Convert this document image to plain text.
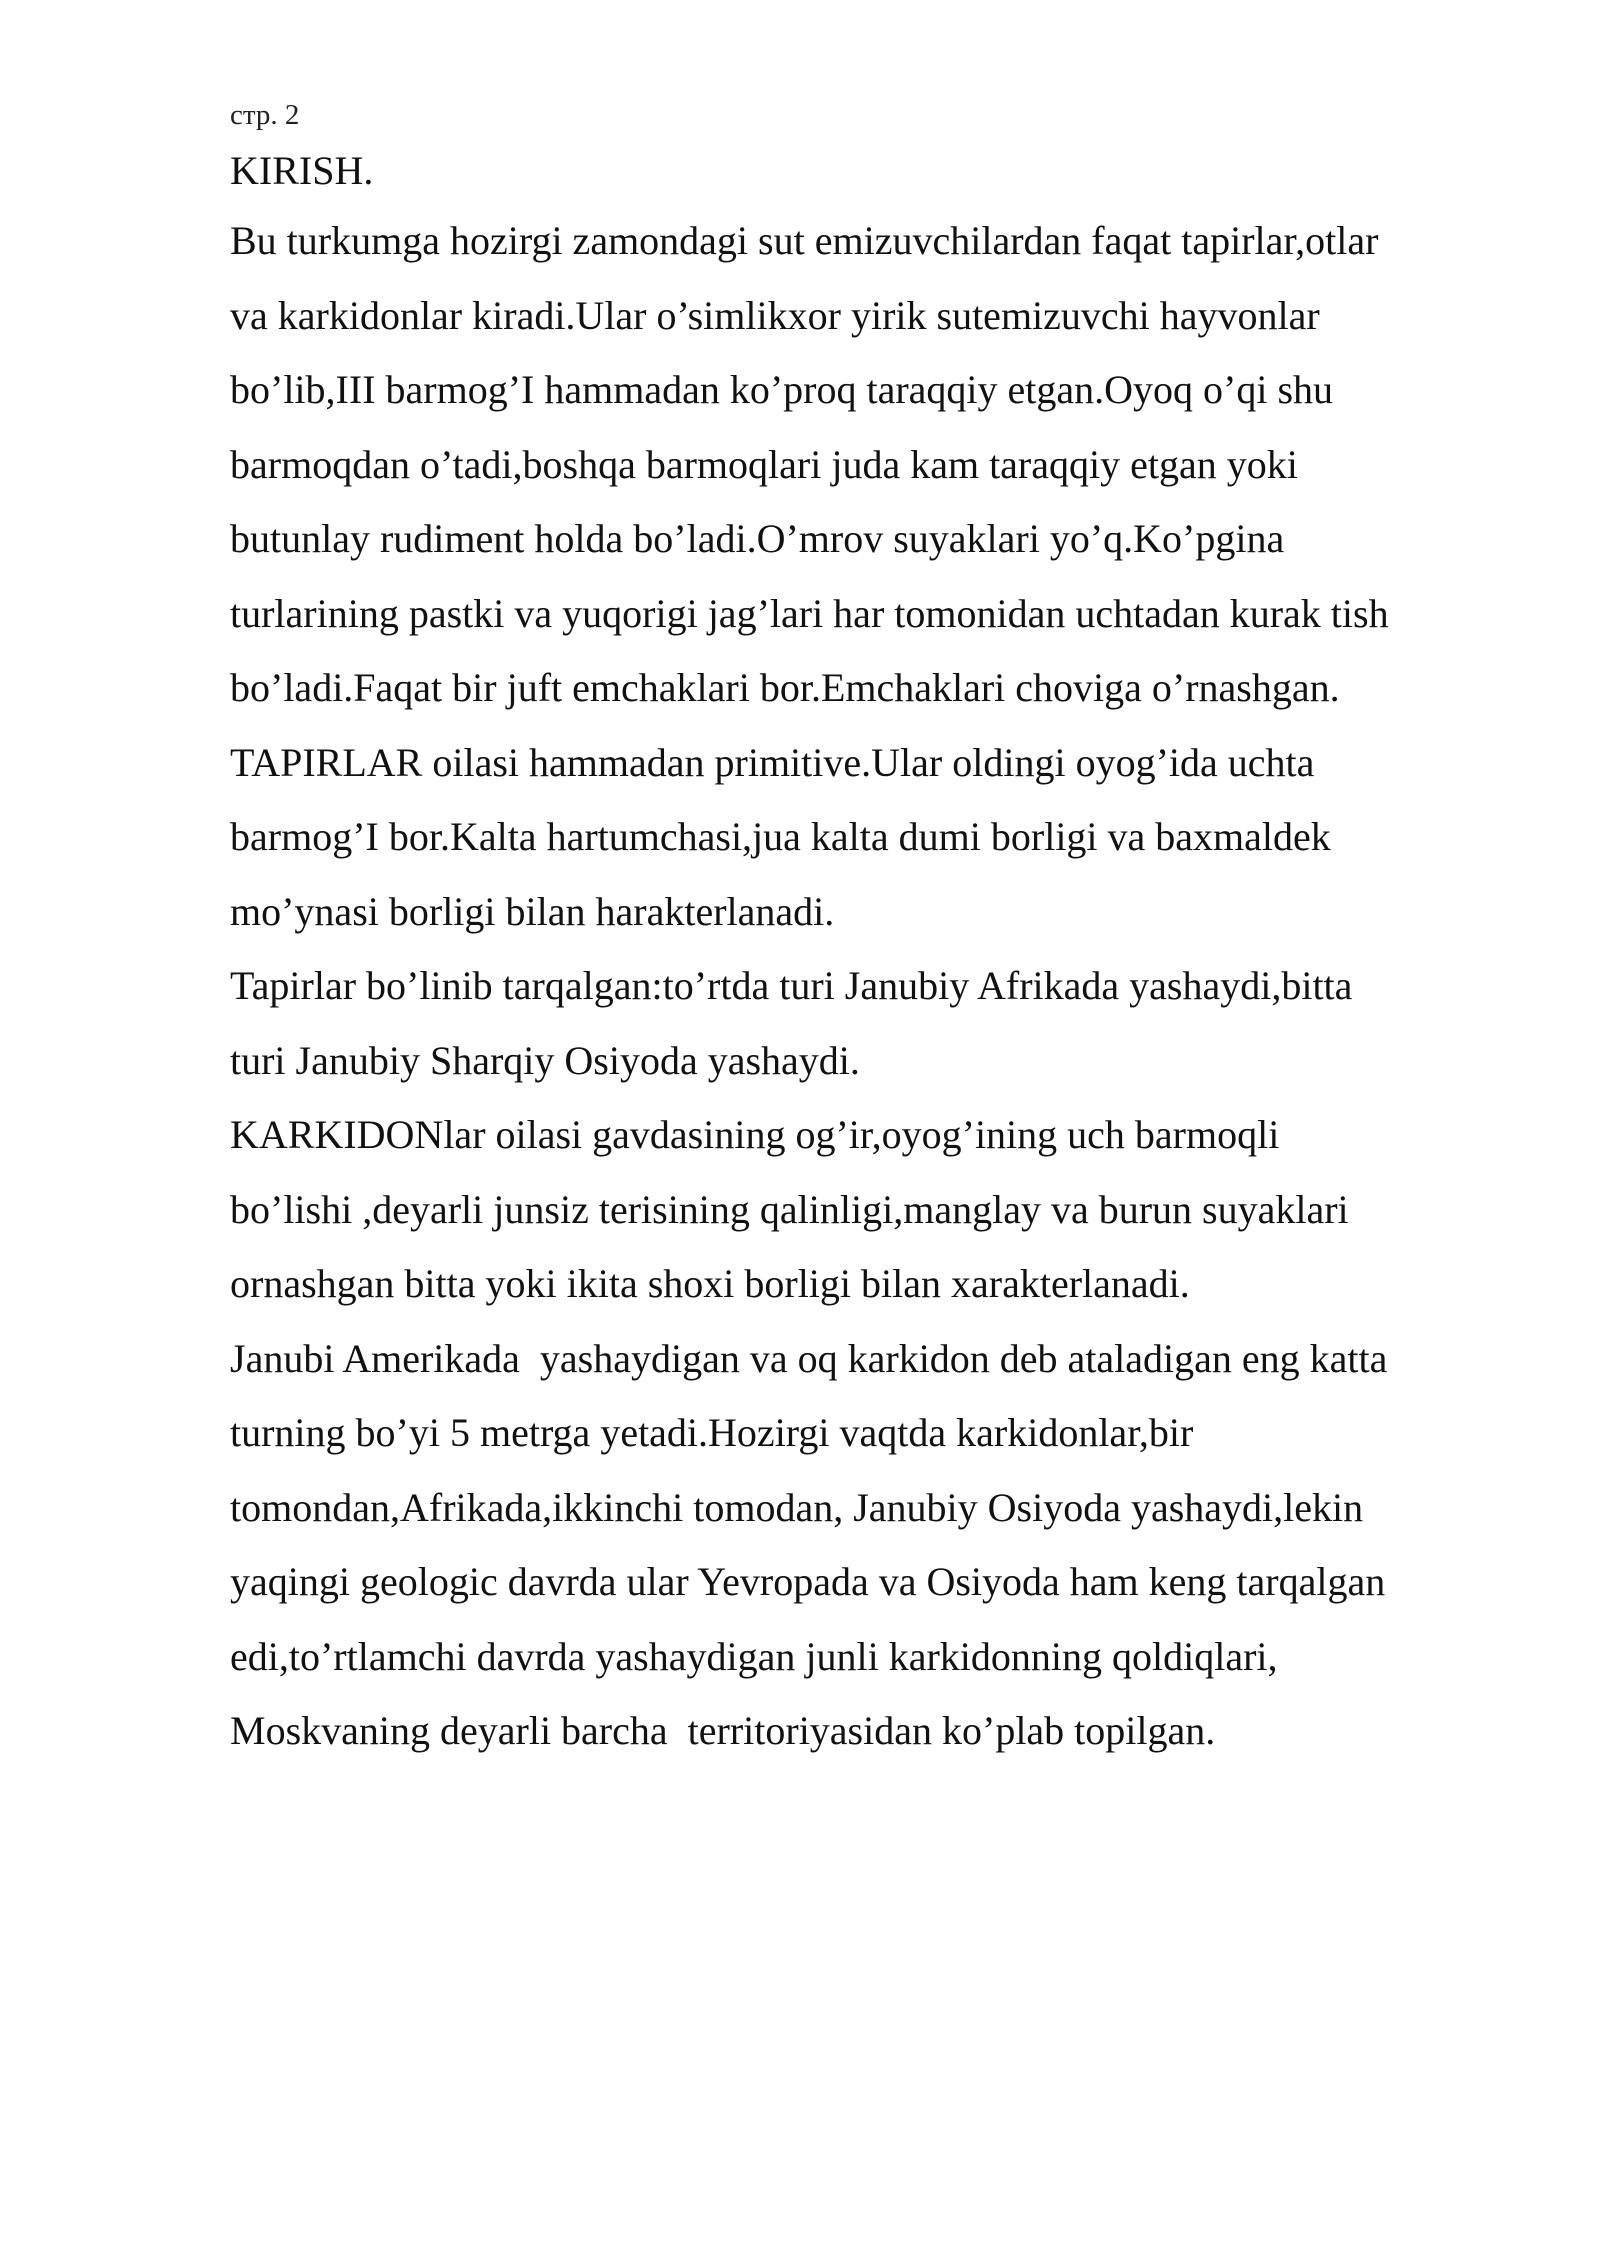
стр. 2

KIRISH.

Bu turkumga hozirgi zamondagi sut emizuvchilardan faqat tapirlar,otlar
va karkidonlar kiradi.Ular o’simlikxor yirik sutemizuvchi hayvonlar
bo’lib,III barmog’I hammadan ko’proq taraqqiy etgan.Oyoq o’qi shu
barmoqdan o’tadi,boshqa barmoqlari juda kam taraqqiy etgan yoki
butunlay rudiment holda bo’ladi.O’mrov suyaklari yo’q.Ko’pgina
turlarining pastki va yuqorigi jag’lari har tomonidan uchtadan kurak tish
bo’ladi.Faqat bir juft emchaklari bor.Emchaklari choviga o’rnashgan.

TAPIRLAR oilasi hammadan primitive.Ular oldingi oyog’ida uchta
barmog’I bor.Kalta hartumchasi,jua kalta dumi borligi va baxmaldek
mo’ynasi borligi bilan harakterlanadi.

Tapirlar bo’linib tarqalgan:to’rtda turi Janubiy Afrikada yashaydi,bitta
turi Janubiy Sharqiy Osiyoda yashaydi.

KARKIDONlar oilasi gavdasining og’ir,oyog’ining uch barmoqli
bo’lishi ,deyarli junsiz terisining qalinligi,manglay va burun suyaklari
ornashgan bitta yoki ikita shoxi borligi bilan xarakterlanadi.

Janubi Amerikada  yashaydigan va oq karkidon deb ataladigan eng katta
turning bo’yi 5 metrga yetadi.Hozirgi vaqtda karkidonlar,bir
tomondan,Afrikada,ikkinchi tomodan, Janubiy Osiyoda yashaydi,lekin
yaqingi geologic davrda ular Yevropada va Osiyoda ham keng tarqalgan
edi,to’rtlamchi davrda yashaydigan junli karkidonning qoldiqlari,
Moskvaning deyarli barcha  territoriyasidan ko’plab topilgan.
